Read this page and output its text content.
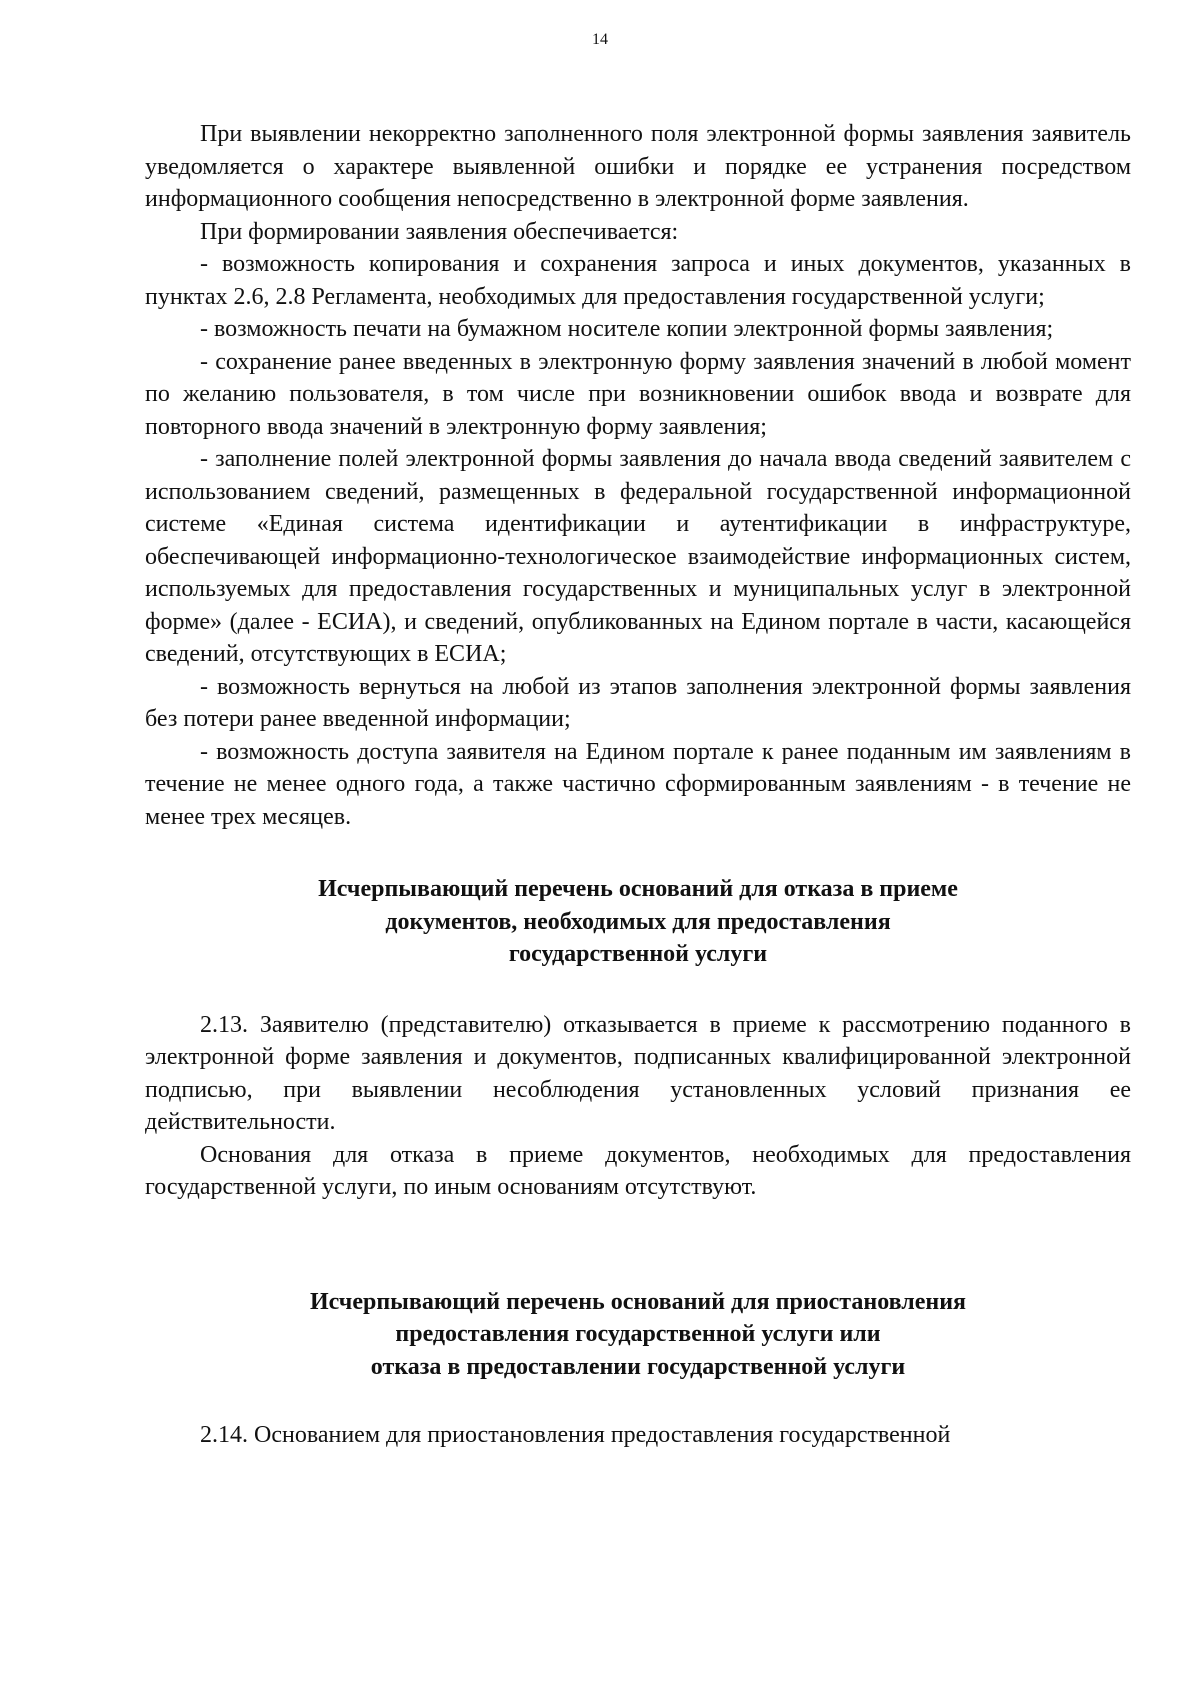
14

При выявлении некорректно заполненного поля электронной формы заявления заявитель уведомляется о характере выявленной ошибки и порядке ее устранения посредством информационного сообщения непосредственно в электронной форме заявления.

При формировании заявления обеспечивается:

- возможность копирования и сохранения запроса и иных документов, указанных в пунктах 2.6, 2.8 Регламента, необходимых для предоставления государственной услуги;

- возможность печати на бумажном носителе копии электронной формы заявления;

- сохранение ранее введенных в электронную форму заявления значений в любой момент по желанию пользователя, в том числе при возникновении ошибок ввода и возврате для повторного ввода значений в электронную форму заявления;

- заполнение полей электронной формы заявления до начала ввода сведений заявителем с использованием сведений, размещенных в федеральной государственной информационной системе «Единая система идентификации и аутентификации в инфраструктуре, обеспечивающей информационно-технологическое взаимодействие информационных систем, используемых для предоставления государственных и муниципальных услуг в электронной форме» (далее - ЕСИА), и сведений, опубликованных на Едином портале в части, касающейся сведений, отсутствующих в ЕСИА;

- возможность вернуться на любой из этапов заполнения электронной формы заявления без потери ранее введенной информации;

- возможность доступа заявителя на Едином портале к ранее поданным им заявлениям в течение не менее одного года, а также частично сформированным заявлениям - в течение не менее трех месяцев.

Исчерпывающий перечень оснований для отказа в приеме
документов, необходимых для предоставления
государственной услуги

2.13. Заявителю (представителю) отказывается в приеме к рассмотрению поданного в электронной форме заявления и документов, подписанных квалифицированной электронной подписью, при выявлении несоблюдения установленных условий признания ее действительности.

Основания для отказа в приеме документов, необходимых для предоставления государственной услуги, по иным основаниям отсутствуют.

Исчерпывающий перечень оснований для приостановления
предоставления государственной услуги или
отказа в предоставлении государственной услуги

2.14. Основанием для приостановления предоставления государственной
